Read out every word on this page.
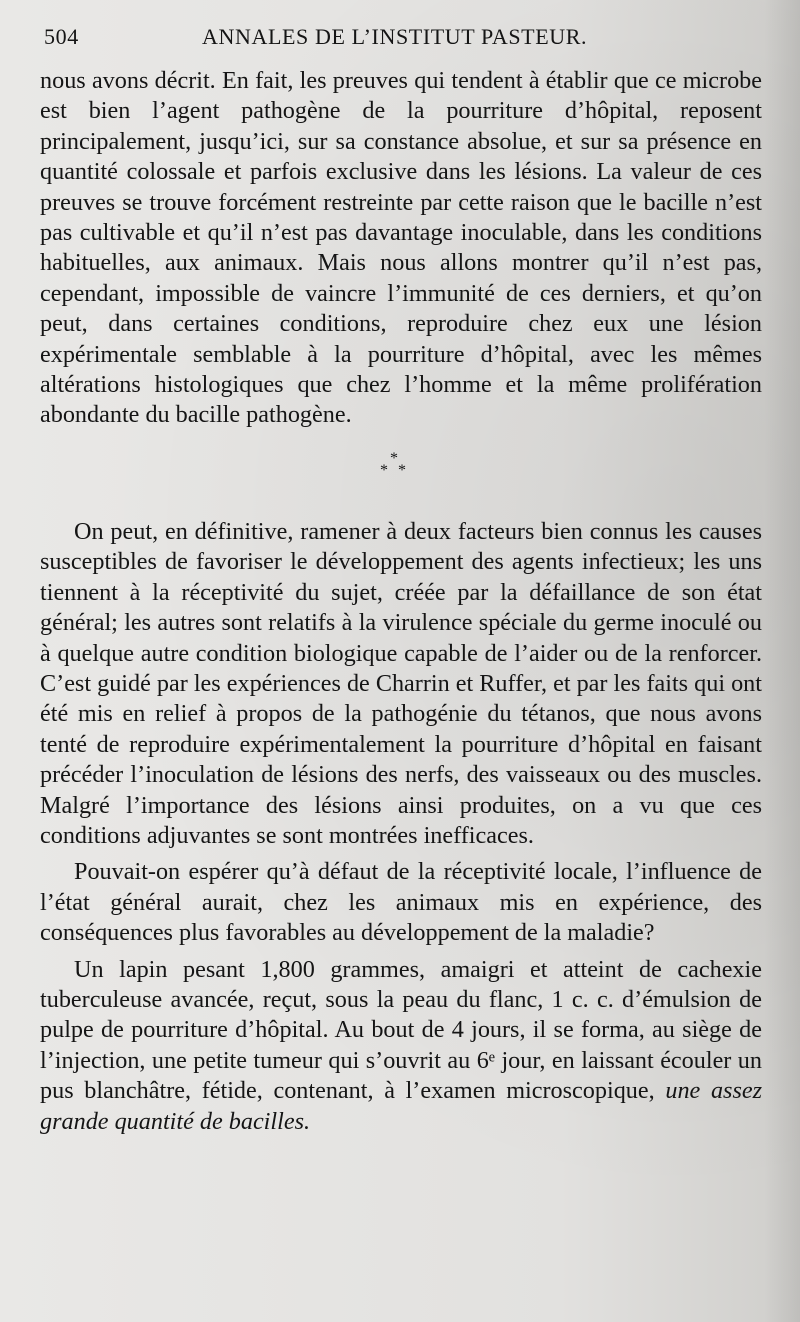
504	ANNALES DE L’INSTITUT PASTEUR.

nous avons décrit. En fait, les preuves qui tendent à établir que ce microbe est bien l’agent pathogène de la pourriture d’hôpital, reposent principalement, jusqu’ici, sur sa constance absolue, et sur sa présence en quantité colossale et parfois exclusive dans les lésions. La valeur de ces preuves se trouve forcément restreinte par cette raison que le bacille n’est pas cultivable et qu’il n’est pas davantage inoculable, dans les conditions habituelles, aux animaux. Mais nous allons montrer qu’il n’est pas, cependant, impossible de vaincre l’immunité de ces derniers, et qu’on peut, dans certaines conditions, reproduire chez eux une lésion expérimentale semblable à la pourriture d’hôpital, avec les mêmes altérations histologiques que chez l’homme et la même prolifération abondante du bacille pathogène.

*
* *

On peut, en définitive, ramener à deux facteurs bien connus les causes susceptibles de favoriser le développement des agents infectieux; les uns tiennent à la réceptivité du sujet, créée par la défaillance de son état général; les autres sont relatifs à la virulence spéciale du germe inoculé ou à quelque autre condition biologique capable de l’aider ou de la renforcer. C’est guidé par les expériences de Charrin et Ruffer, et par les faits qui ont été mis en relief à propos de la pathogénie du tétanos, que nous avons tenté de reproduire expérimentalement la pourriture d’hôpital en faisant précéder l’inoculation de lésions des nerfs, des vaisseaux ou des muscles. Malgré l’importance des lésions ainsi produites, on a vu que ces conditions adjuvantes se sont montrées inefficaces.

Pouvait-on espérer qu’à défaut de la réceptivité locale, l’influence de l’état général aurait, chez les animaux mis en expérience, des conséquences plus favorables au développement de la maladie?

Un lapin pesant 1,800 grammes, amaigri et atteint de cachexie tuberculeuse avancée, reçut, sous la peau du flanc, 1 c. c. d’émulsion de pulpe de pourriture d’hôpital. Au bout de 4 jours, il se forma, au siège de l’injection, une petite tumeur qui s’ouvrit au 6ᵉ jour, en laissant écouler un pus blanchâtre, fétide, contenant, à l’examen microscopique, une assez grande quantité de bacilles.
